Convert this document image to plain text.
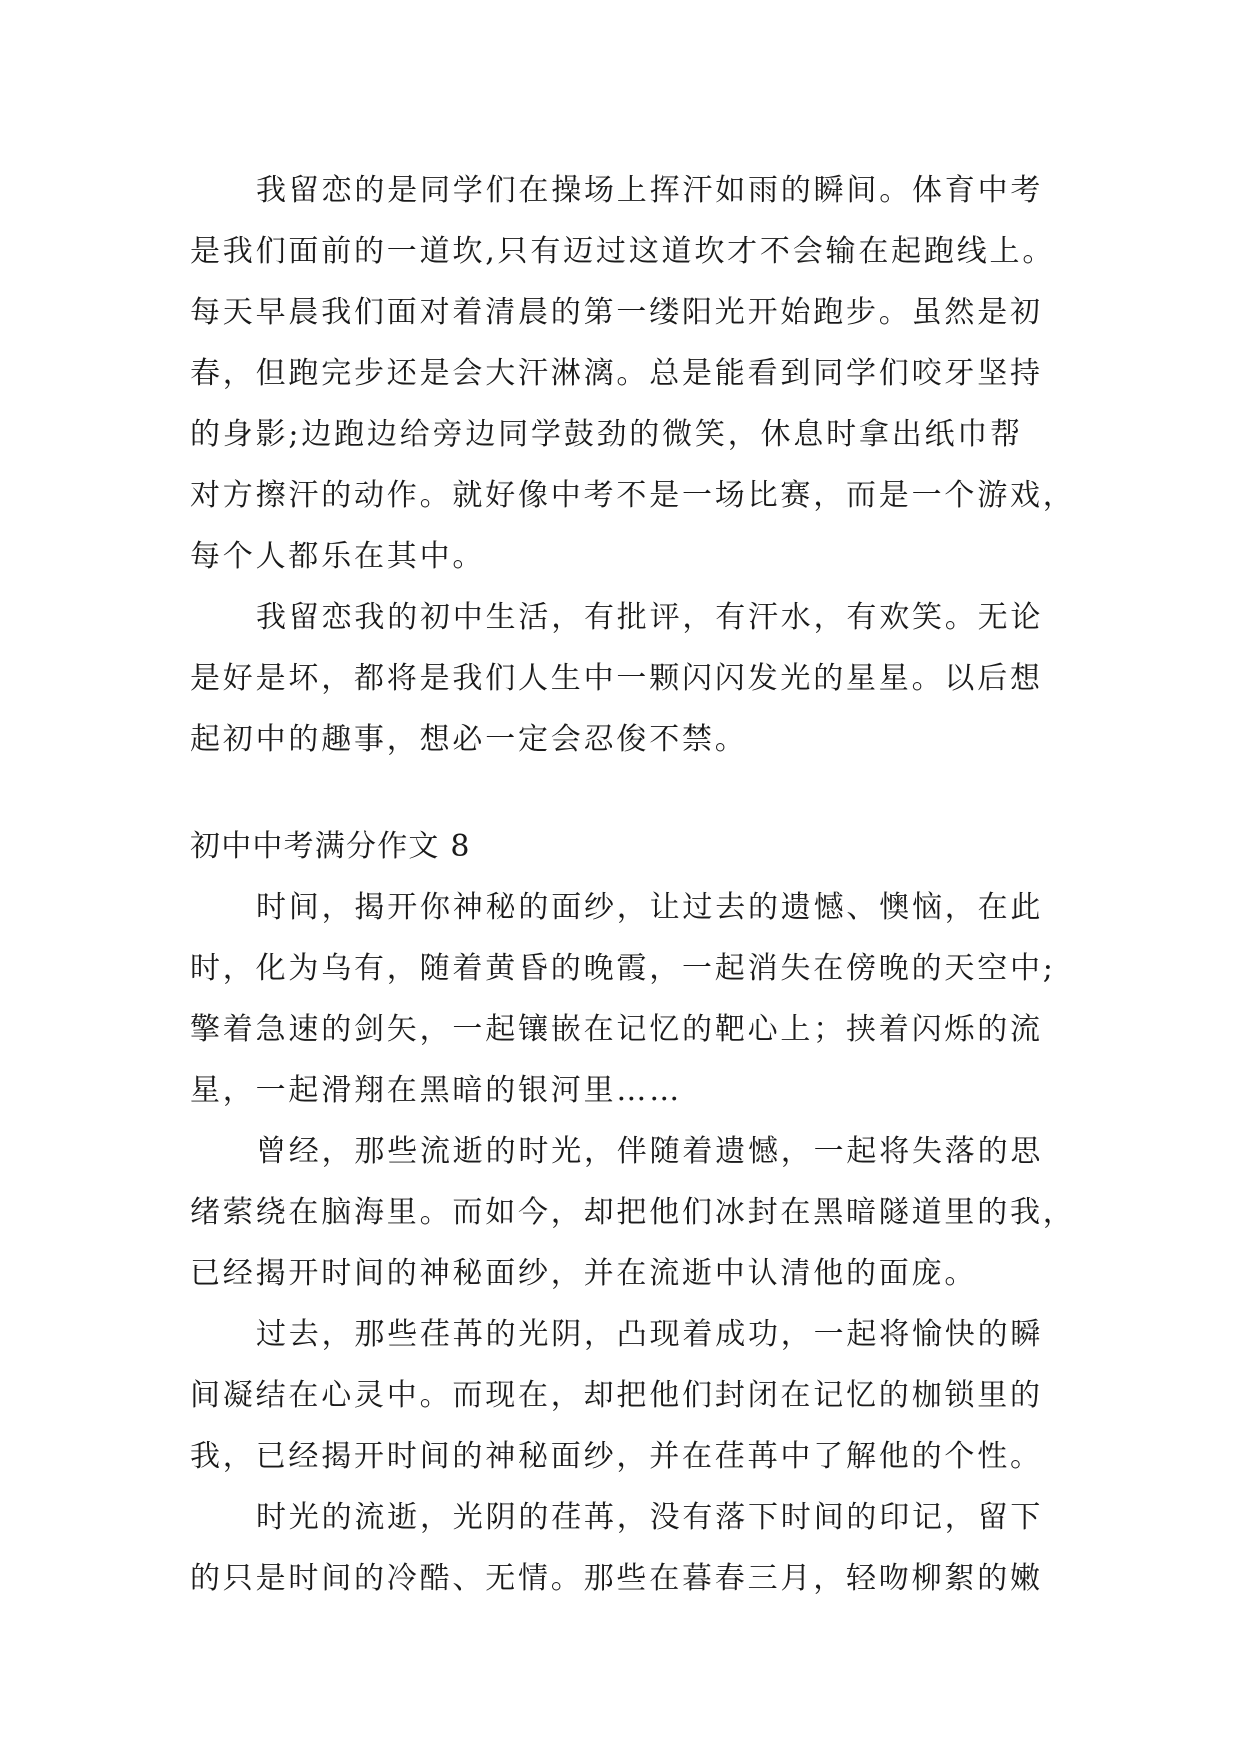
我留恋的是同学们在操场上挥汗如雨的瞬间。体育中考
是我们面前的一道坎,只有迈过这道坎才不会输在起跑线上。
每天早晨我们面对着清晨的第一缕阳光开始跑步。虽然是初
春，但跑完步还是会大汗淋漓。总是能看到同学们咬牙坚持
的身影;边跑边给旁边同学鼓劲的微笑，休息时拿出纸巾帮
对方擦汗的动作。就好像中考不是一场比赛，而是一个游戏，
每个人都乐在其中。
我留恋我的初中生活，有批评，有汗水，有欢笑。无论
是好是坏，都将是我们人生中一颗闪闪发光的星星。以后想
起初中的趣事，想必一定会忍俊不禁。
初中中考满分作文 8
时间，揭开你神秘的面纱，让过去的遗憾、懊恼，在此
时，化为乌有，随着黄昏的晚霞，一起消失在傍晚的天空中;
擎着急速的剑矢，一起镶嵌在记忆的靶心上；挟着闪烁的流
星，一起滑翔在黑暗的银河里……
曾经，那些流逝的时光，伴随着遗憾，一起将失落的思
绪萦绕在脑海里。而如今，却把他们冰封在黑暗隧道里的我，
已经揭开时间的神秘面纱，并在流逝中认清他的面庞。
过去，那些荏苒的光阴，凸现着成功，一起将愉快的瞬
间凝结在心灵中。而现在，却把他们封闭在记忆的枷锁里的
我，已经揭开时间的神秘面纱，并在荏苒中了解他的个性。
时光的流逝，光阴的荏苒，没有落下时间的印记，留下
的只是时间的冷酷、无情。那些在暮春三月，轻吻柳絮的嫩
